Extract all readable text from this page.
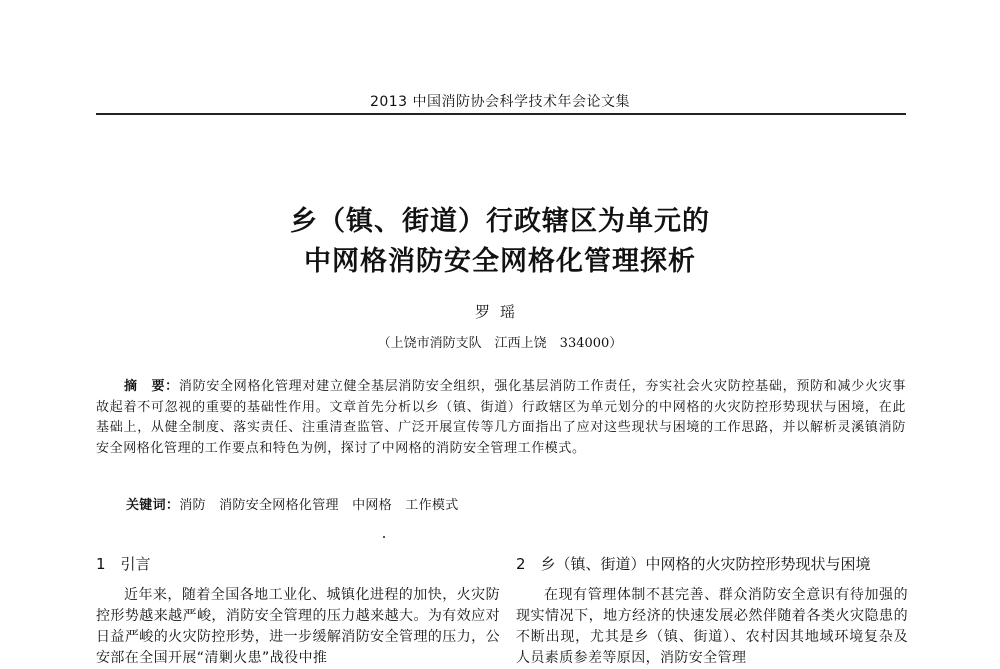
2013 中国消防协会科学技术年会论文集
乡（镇、街道）行政辖区为单元的
中网格消防安全网格化管理探析
罗瑶
（上饶市消防支队　江西上饶　334000）
摘　要：消防安全网格化管理对建立健全基层消防安全组织，强化基层消防工作责任，夯实社会火灾防控基础，预防和减少火灾事故起着不可忽视的重要的基础性作用。文章首先分析以乡（镇、街道）行政辖区为单元划分的中网格的火灾防控形势现状与困境，在此基础上，从健全制度、落实责任、注重清查监管、广泛开展宣传等几方面指出了应对这些现状与困境的工作思路，并以解析灵溪镇消防安全网格化管理的工作要点和特色为例，探讨了中网格的消防安全管理工作模式。
关键词：消防　消防安全网格化管理　中网格　工作模式
1　引言	2　乡（镇、街道）中网格的火灾防控形势现状与困境

近年来，随着全国各地工业化、城镇化进程的加快，火灾防控形势越来越严峻，消防安全管理的压力越来越大。为有效应对日益严峻的火灾防控形势，进一步缓解消防安全管理的压力，公安部在全国开展“清剿火患”战役中推

在现有管理体制不甚完善、群众消防安全意识有待加强的现实情况下，地方经济的快速发展必然伴随着各类火灾隐患的不断出现，尤其是乡（镇、街道）、农村因其地域环境复杂及人员素质参差等原因，消防安全管理
